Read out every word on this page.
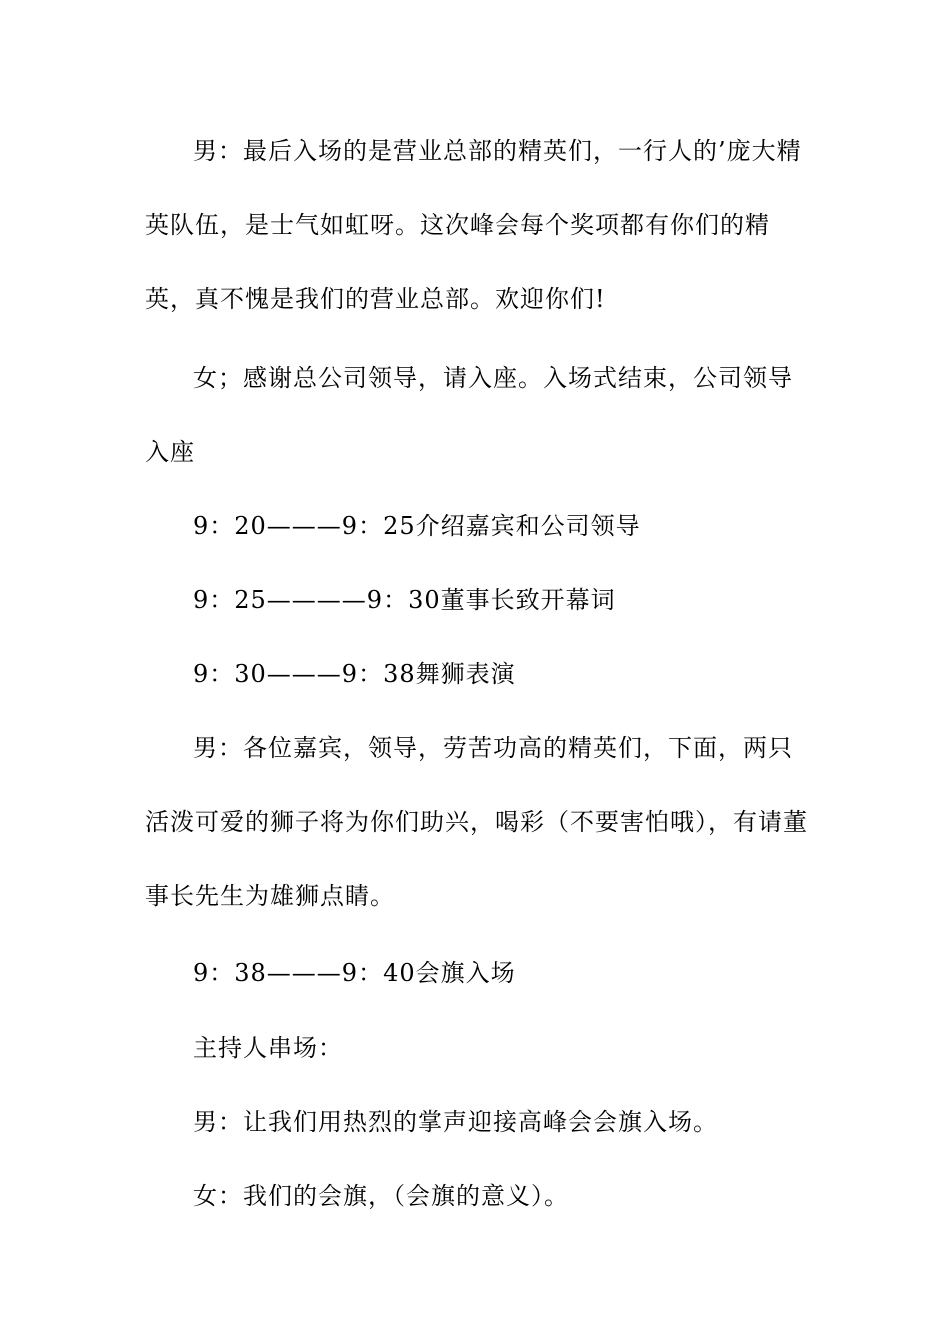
男：最后入场的是营业总部的精英们，一行人的’庞大精英队伍，是士气如虹呀。这次峰会每个奖项都有你们的精英，真不愧是我们的营业总部。欢迎你们!

女；感谢总公司领导，请入座。入场式结束，公司领导入座

9：20———9：25介绍嘉宾和公司领导

9：25————9：30董事长致开幕词

9：30———9：38舞狮表演

男：各位嘉宾，领导，劳苦功高的精英们，下面，两只活泼可爱的狮子将为你们助兴，喝彩（不要害怕哦），有请董事长先生为雄狮点睛。

9：38———9：40会旗入场

主持人串场：

男：让我们用热烈的掌声迎接高峰会会旗入场。

女：我们的会旗，（会旗的意义）。
